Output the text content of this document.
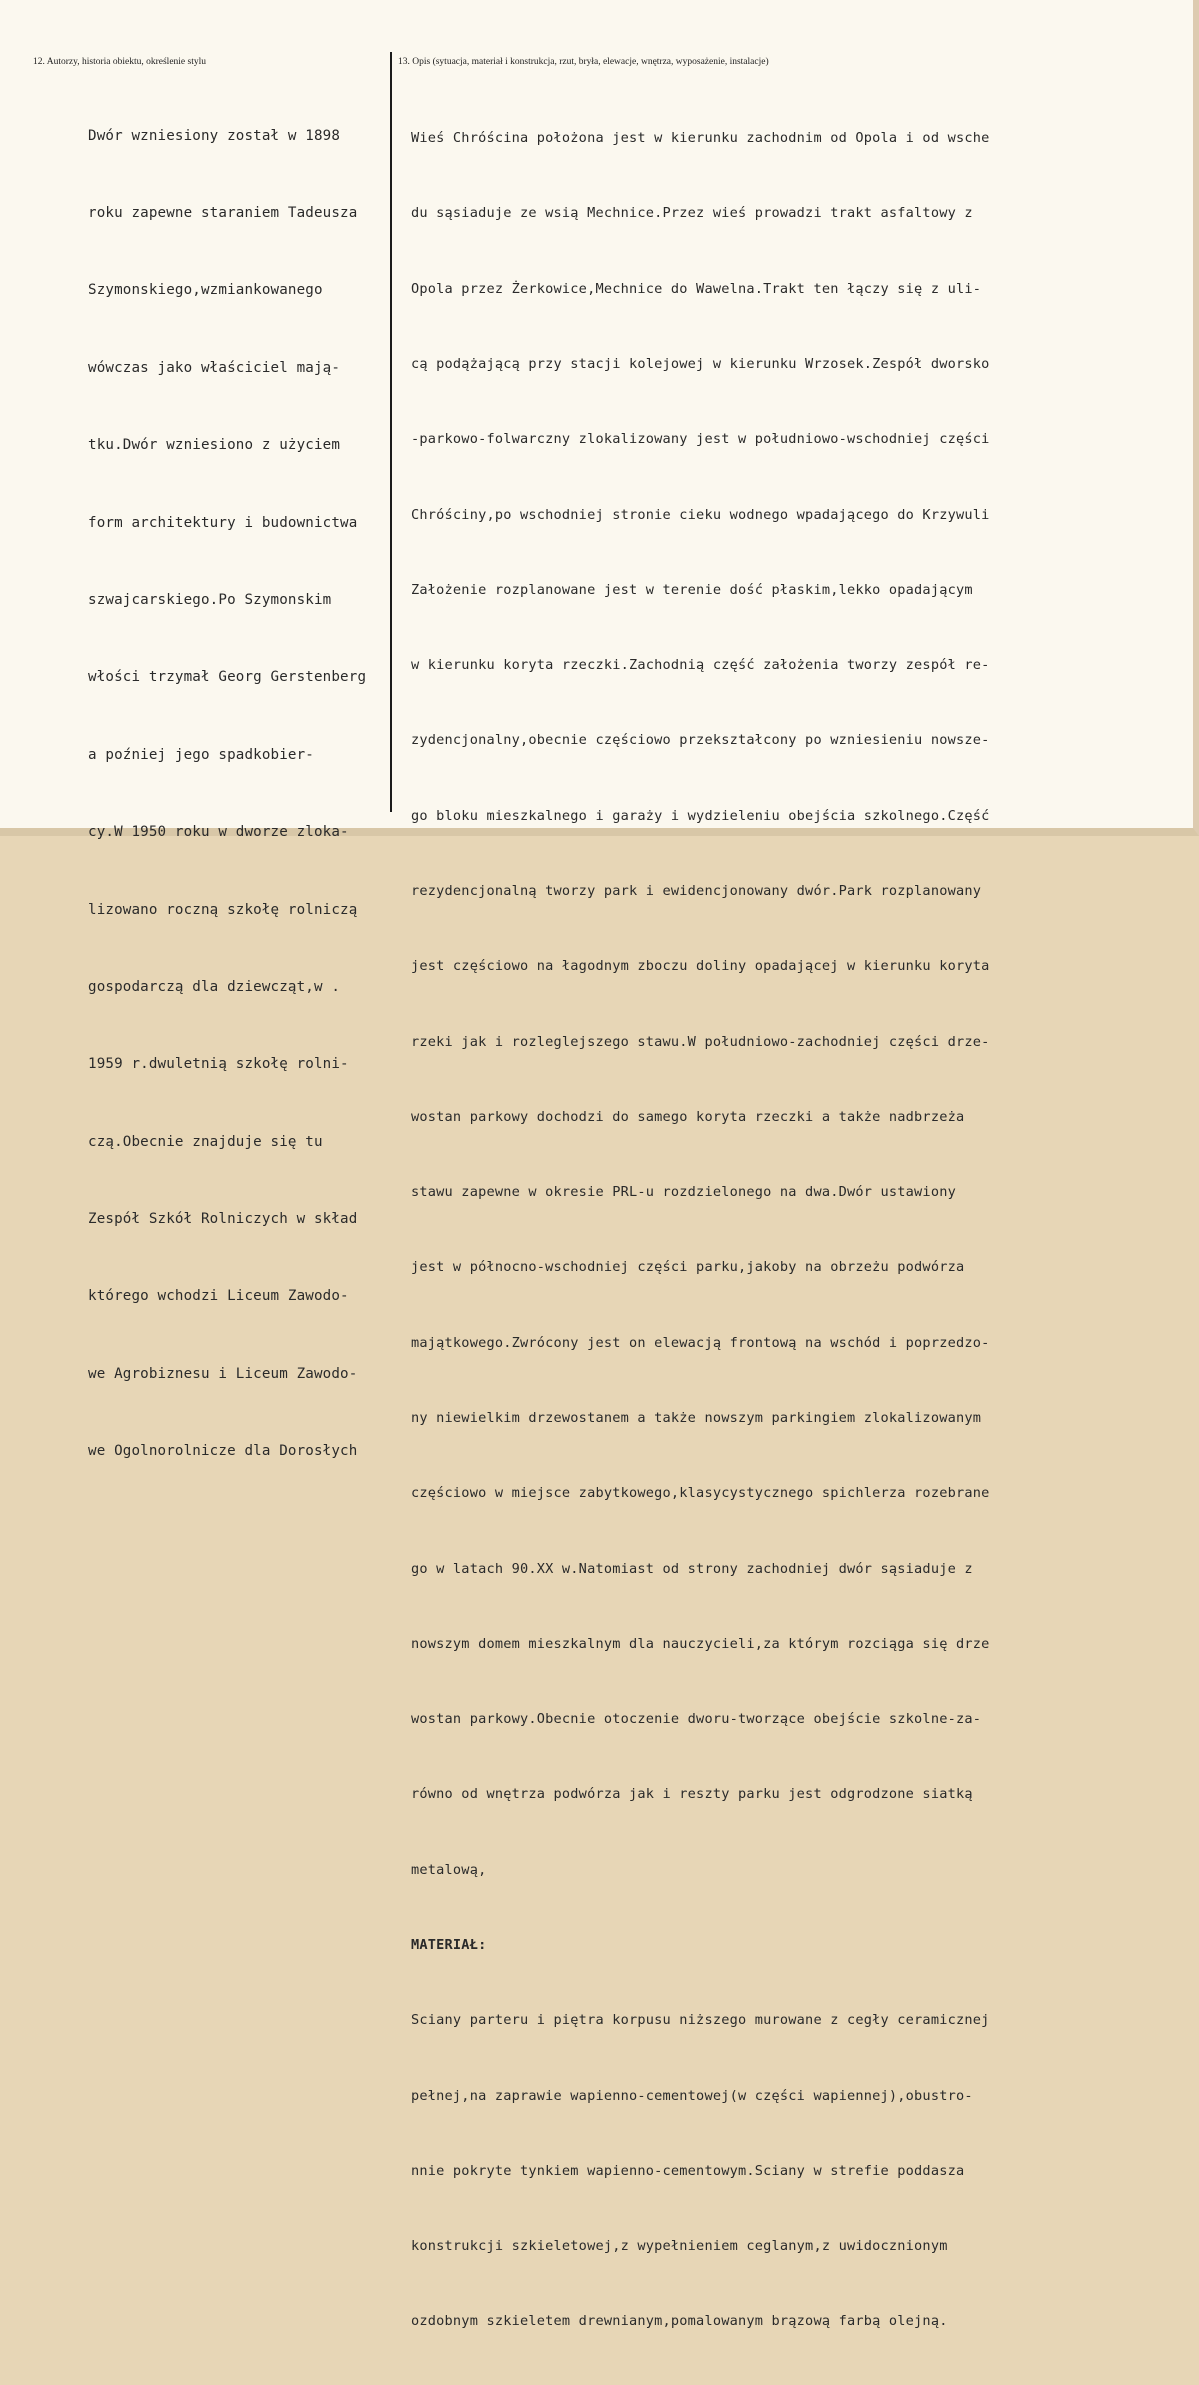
12. Autorzy, historia obiektu, określenie stylu	13. Opis (sytuacja, materiał i konstrukcja, rzut, bryła, elewacje, wnętrza, wyposażenie, instalacje)

Dwór wzniesiony został w 1898

roku zapewne staraniem Tadeusza

Szymonskiego,wzmiankowanego

wówczas jako właściciel mają-

tku.Dwór wzniesiono z użyciem

form architektury i budownictwa

szwajcarskiego.Po Szymonskim

włości trzymał Georg Gerstenberg

a poźniej jego spadkobier-

cy.W 1950 roku w dworze zloka-

lizowano roczną szkołę rolniczą

gospodarczą dla dziewcząt,w .

1959 r.dwuletnią szkołę rolni-

czą.Obecnie znajduje się tu

Zespół Szkół Rolniczych w skład

którego wchodzi Liceum Zawodo-

we Agrobiznesu i Liceum Zawodo-

we Ogolnorolnicze dla Dorosłych

Wieś Chróścina położona jest w kierunku zachodnim od Opola i od wsche

du sąsiaduje ze wsią Mechnice.Przez wieś prowadzi trakt asfaltowy z

Opola przez Żerkowice,Mechnice do Wawelna.Trakt ten łączy się z uli-

cą podążającą przy stacji kolejowej w kierunku Wrzosek.Zespół dworsko

-parkowo-folwarczny zlokalizowany jest w południowo-wschodniej części

Chróściny,po wschodniej stronie cieku wodnego wpadającego do Krzywuli

Założenie rozplanowane jest w terenie dość płaskim,lekko opadającym

w kierunku koryta rzeczki.Zachodnią część założenia tworzy zespół re-

zydencjonalny,obecnie częściowo przekształcony po wzniesieniu nowsze-

go bloku mieszkalnego i garaży i wydzieleniu obejścia szkolnego.Część

rezydencjonalną tworzy park i ewidencjonowany dwór.Park rozplanowany

jest częściowo na łagodnym zboczu doliny opadającej w kierunku koryta

rzeki jak i rozleglejszego stawu.W południowo-zachodniej części drze-

wostan parkowy dochodzi do samego koryta rzeczki a także nadbrzeża

stawu zapewne w okresie PRL-u rozdzielonego na dwa.Dwór ustawiony

jest w północno-wschodniej części parku,jakoby na obrzeżu podwórza

majątkowego.Zwrócony jest on elewacją frontową na wschód i poprzedzo-

ny niewielkim drzewostanem a także nowszym parkingiem zlokalizowanym

częściowo w miejsce zabytkowego,klasycystycznego spichlerza rozebrane

go w latach 90.XX w.Natomiast od strony zachodniej dwór sąsiaduje z

nowszym domem mieszkalnym dla nauczycieli,za którym rozciąga się drze

wostan parkowy.Obecnie otoczenie dworu-tworzące obejście szkolne-za-

równo od wnętrza podwórza jak i reszty parku jest odgrodzone siatką

metalową,

MATERIAŁ:

Sciany parteru i piętra korpusu niższego murowane z cegły ceramicznej

pełnej,na zaprawie wapienno-cementowej(w części wapiennej),obustro-

nnie pokryte tynkiem wapienno-cementowym.Sciany w strefie poddasza

konstrukcji szkieletowej,z wypełnieniem ceglanym,z uwidocznionym

ozdobnym szkieletem drewnianym,pomalowanym brązową farbą olejną.
